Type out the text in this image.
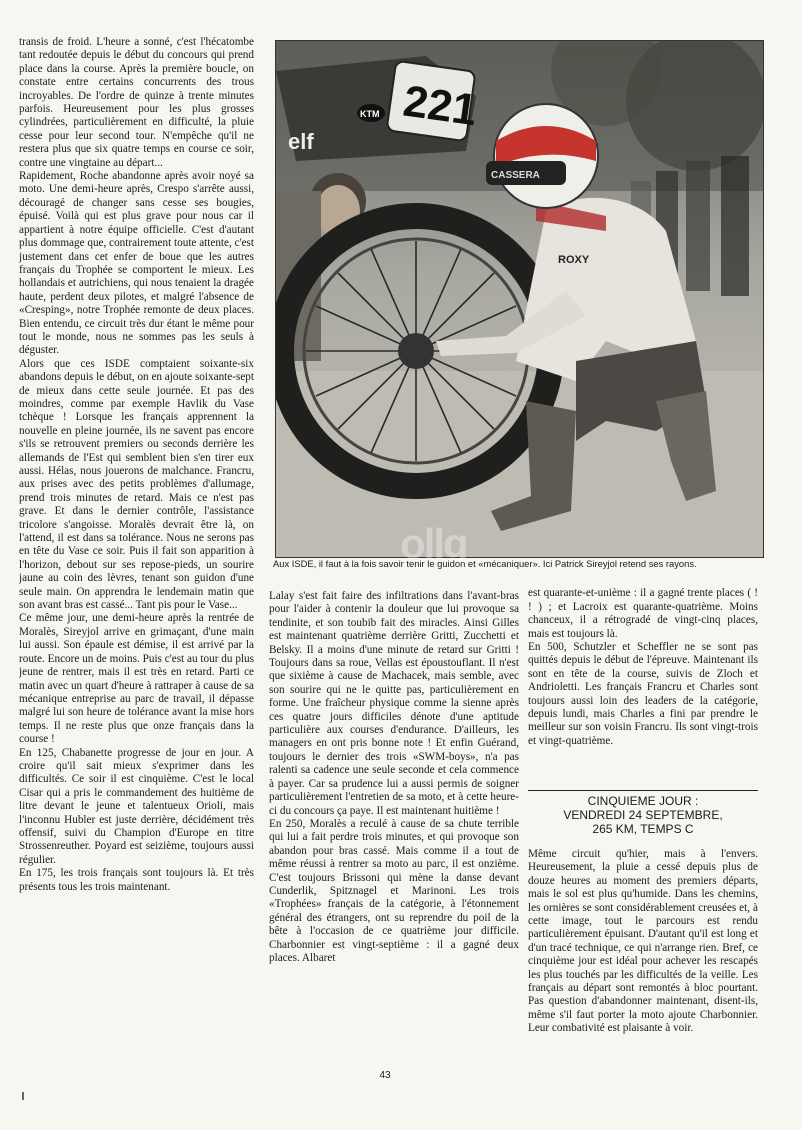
transis de froid. L'heure a sonné, c'est l'hécatombe tant redoutée depuis le début du concours qui prend place dans la course. Après la première boucle, on constate entre certains concurrents des trous incroyables. De l'ordre de quinze à trente minutes parfois. Heureusement pour les plus grosses cylindrées, particulièrement en difficulté, la pluie cesse pour leur second tour. N'empêche qu'il ne restera plus que six quatre temps en course ce soir, contre une vingtaine au départ...
Rapidement, Roche abandonne après avoir noyé sa moto. Une demi-heure après, Crespo s'arrête aussi, découragé de changer sans cesse ses bougies, épuisé. Voilà qui est plus grave pour nous car il appartient à notre équipe officielle. C'est d'autant plus dommage que, contrairement toute attente, c'est justement dans cet enfer de boue que les autres français du Trophée se comportent le mieux. Les hollandais et autrichiens, qui nous tenaient la dragée haute, perdent deux pilotes, et malgré l'absence de «Cresping», notre Trophée remonte de deux places. Bien entendu, ce circuit très dur étant le même pour tout le monde, nous ne sommes pas les seuls à déguster.
Alors que ces ISDE comptaient soixante-six abandons depuis le début, on en ajoute soixante-sept de mieux dans cette seule journée. Et pas des moindres, comme par exemple Havlik du Vase tchèque ! Lorsque les français apprennent la nouvelle en pleine journée, ils ne savent pas encore s'ils se retrouvent premiers ou seconds derrière les allemands de l'Est qui semblent bien s'en tirer eux aussi. Hélas, nous jouerons de malchance. Francru, aux prises avec des petits problèmes d'allumage, prend trois minutes de retard. Mais ce n'est pas grave. Et dans le dernier contrôle, l'assistance tricolore s'angoisse. Moralès devrait être là, on l'attend, il est dans sa tolérance. Nous ne serons pas en tête du Vase ce soir. Puis il fait son apparition à l'horizon, debout sur ses repose-pieds, un sourire jaune au coin des lèvres, tenant son guidon d'une seule main. On apprendra le lendemain matin que son avant bras est cassé... Tant pis pour le Vase...
Ce même jour, une demi-heure après la rentrée de Moralès, Sireyjol arrive en grimaçant, d'une main lui aussi. Son épaule est démise, il est arrivé par la route. Encore un de moins. Puis c'est au tour du plus jeune de rentrer, mais il est très en retard. Parti ce matin avec un quart d'heure à rattraper à cause de sa mécanique entreprise au parc de travail, il dépasse malgré lui son heure de tolérance avant la mise hors temps. Il ne reste plus que onze français dans la course !
En 125, Chabanette progresse de jour en jour. A croire qu'il sait mieux s'exprimer dans les difficultés. Ce soir il est cinquième. C'est le local Cisar qui a pris le commandement des huitième de litre devant le jeune et talentueux Orioli, mais l'inconnu Hubler est juste derrière, décidément très offensif, suivi du Champion d'Europe en titre Strossenreuther. Poyard est seizième, toujours aussi régulier.
En 175, les trois français sont toujours là. Et très présents tous les trois maintenant.
221
KTM
elf
CASSERA
ROXY
ollg
Aux ISDE, il faut à la fois savoir tenir le guidon et «mécaniquer». Ici Patrick Sireyjol retend ses rayons.
Lalay s'est fait faire des infiltrations dans l'avant-bras pour l'aider à contenir la douleur que lui provoque sa tendinite, et son toubib fait des miracles. Ainsi Gilles est maintenant quatrième derrière Gritti, Zucchetti et Belsky. Il a moins d'une minute de retard sur Gritti ! Toujours dans sa roue, Vellas est époustouflant. Il n'est que sixième à cause de Machacek, mais semble, avec son sourire qui ne le quitte pas, particulièrement en forme. Une fraîcheur physique comme la sienne après ces quatre jours difficiles dénote d'une aptitude particulière aux courses d'endurance. D'ailleurs, les managers en ont pris bonne note ! Et enfin Guérand, toujours le dernier des trois «SWM-boys», n'a pas ralenti sa cadence une seule seconde et cela commence à payer. Car sa prudence lui a aussi permis de soigner particulièrement l'entretien de sa moto, et à cette heure-ci du concours ça paye. Il est maintenant huitième !
En 250, Moralès a reculé à cause de sa chute terrible qui lui a fait perdre trois minutes, et qui provoque son abandon pour bras cassé. Mais comme il a tout de même réussi à rentrer sa moto au parc, il est onzième. C'est toujours Brissoni qui mène la danse devant Cunderlik, Spitznagel et Marinoni. Les trois «Trophées» français de la catégorie, à l'étonnement général des étrangers, ont su reprendre du poil de la bête à l'occasion de ce quatrième jour difficile. Charbonnier est vingt-septième : il a gagné deux places. Albaret

est quarante-et-unième : il a gagné trente places ( ! ! ) ; et Lacroix est quarante-quatrième. Moins chanceux, il a rétrogradé de vingt-cinq places, mais est toujours là.
En 500, Schutzler et Scheffler ne se sont pas quittés depuis le début de l'épreuve. Maintenant ils sont en tête de la course, suivis de Zloch et Andrioletti. Les français Francru et Charles sont toujours aussi loin des leaders de la catégorie, depuis lundi, mais Charles a fini par prendre le meilleur sur son voisin Francru. Ils sont vingt-trois et vingt-quatrième.

CINQUIEME JOUR :
VENDREDI 24 SEPTEMBRE,
265 KM, TEMPS C
Même circuit qu'hier, mais à l'envers. Heureusement, la pluie a cessé depuis plus de douze heures au moment des premiers départs, mais le sol est plus qu'humide. Dans les chemins, les ornières se sont considérablement creusées et, à cette image, tout le parcours est rendu particulièrement épuisant. D'autant qu'il est long et d'un tracé technique, ce qui n'arrange rien. Bref, ce cinquième jour est idéal pour achever les rescapés les plus touchés par les difficultés de la veille. Les français au départ sont remontés à bloc pourtant. Pas question d'abandonner maintenant, disent-ils, même s'il faut porter la moto ajoute Charbonnier. Leur combativité est plaisante à voir.
43
